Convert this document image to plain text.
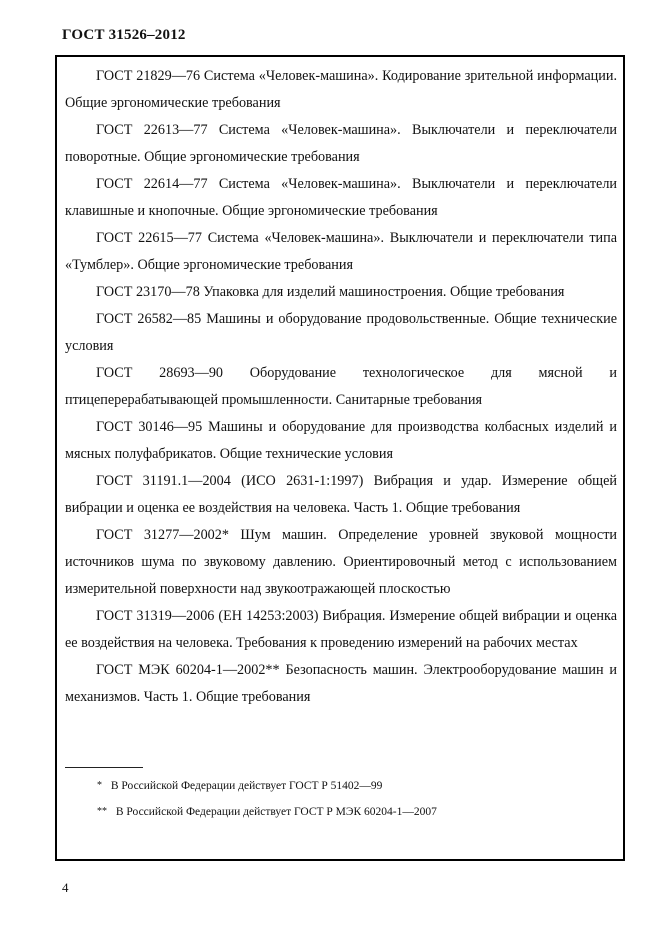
ГОСТ 31526–2012

ГОСТ 21829—76 Система «Человек-машина». Кодирование зрительной информации. Общие эргономические требования

ГОСТ 22613—77 Система «Человек-машина». Выключатели и переключатели поворотные. Общие эргономические требования

ГОСТ 22614—77 Система «Человек-машина». Выключатели и переключатели клавишные и кнопочные. Общие эргономические требования

ГОСТ 22615—77 Система «Человек-машина». Выключатели и переключатели типа «Тумблер». Общие эргономические требования

ГОСТ 23170—78 Упаковка для изделий машиностроения. Общие требования

ГОСТ 26582—85 Машины и оборудование продовольственные. Общие технические условия

ГОСТ 28693—90 Оборудование технологическое для мясной и птицеперерабатывающей промышленности. Санитарные требования

ГОСТ 30146—95 Машины и оборудование для производства колбасных изделий и мясных полуфабрикатов. Общие технические условия

ГОСТ 31191.1—2004 (ИСО 2631-1:1997) Вибрация и удар. Измерение общей вибрации и оценка ее воздействия на человека. Часть 1. Общие требования

ГОСТ 31277—2002* Шум машин. Определение уровней звуковой мощности источников шума по звуковому давлению. Ориентировочный метод с использованием измерительной поверхности над звукоотражающей плоскостью

ГОСТ 31319—2006 (ЕН 14253:2003) Вибрация. Измерение общей вибрации и оценка ее воздействия на человека. Требования к проведению измерений на рабочих местах

ГОСТ МЭК 60204-1—2002** Безопасность машин. Электрооборудование машин и механизмов. Часть 1. Общие требования

* В Российской Федерации действует ГОСТ Р 51402—99

** В Российской Федерации действует ГОСТ Р МЭК 60204-1—2007

4
